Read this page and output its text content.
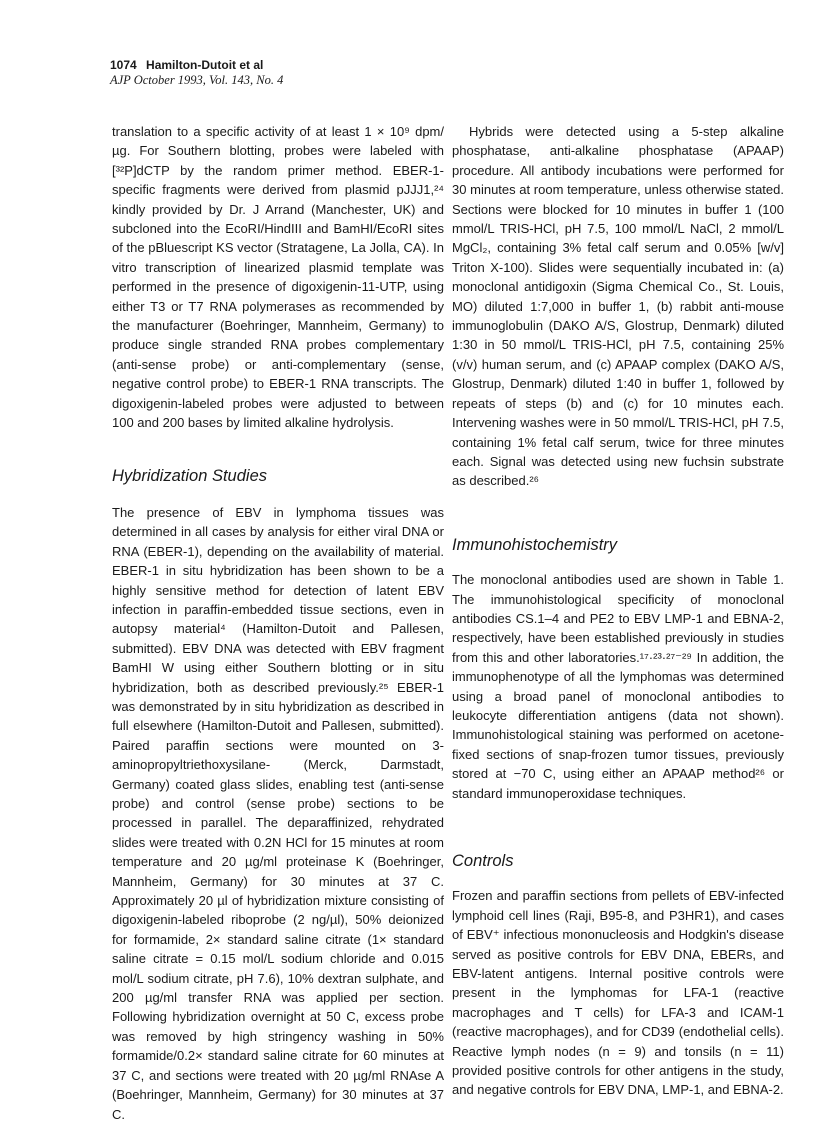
1074 Hamilton-Dutoit et al
AJP October 1993, Vol. 143, No. 4

translation to a specific activity of at least 1 × 10⁹ dpm/µg. For Southern blotting, probes were labeled with [³²P]dCTP by the random primer method. EBER-1-specific fragments were derived from plasmid pJJJ1,²⁴ kindly provided by Dr. J Arrand (Manchester, UK) and subcloned into the EcoRI/HindIII and BamHI/EcoRI sites of the pBluescript KS vector (Stratagene, La Jolla, CA). In vitro transcription of linearized plasmid template was performed in the presence of digoxigenin-11-UTP, using either T3 or T7 RNA polymerases as recommended by the manufacturer (Boehringer, Mannheim, Germany) to produce single stranded RNA probes complementary (anti-sense probe) or anti-complementary (sense, negative control probe) to EBER-1 RNA transcripts. The digoxigenin-labeled probes were adjusted to between 100 and 200 bases by limited alkaline hydrolysis.

Hybridization Studies

The presence of EBV in lymphoma tissues was determined in all cases by analysis for either viral DNA or RNA (EBER-1), depending on the availability of material. EBER-1 in situ hybridization has been shown to be a highly sensitive method for detection of latent EBV infection in paraffin-embedded tissue sections, even in autopsy material⁴ (Hamilton-Dutoit and Pallesen, submitted). EBV DNA was detected with EBV fragment BamHI W using either Southern blotting or in situ hybridization, both as described previously.²⁵ EBER-1 was demonstrated by in situ hybridization as described in full elsewhere (Hamilton-Dutoit and Pallesen, submitted). Paired paraffin sections were mounted on 3-aminopropyltriethoxysilane- (Merck, Darmstadt, Germany) coated glass slides, enabling test (anti-sense probe) and control (sense probe) sections to be processed in parallel. The deparaffinized, rehydrated slides were treated with 0.2N HCl for 15 minutes at room temperature and 20 µg/ml proteinase K (Boehringer, Mannheim, Germany) for 30 minutes at 37 C. Approximately 20 µl of hybridization mixture consisting of digoxigenin-labeled riboprobe (2 ng/µl), 50% deionized for formamide, 2× standard saline citrate (1× standard saline citrate = 0.15 mol/L sodium chloride and 0.015 mol/L sodium citrate, pH 7.6), 10% dextran sulphate, and 200 µg/ml transfer RNA was applied per section. Following hybridization overnight at 50 C, excess probe was removed by high stringency washing in 50% formamide/0.2× standard saline citrate for 60 minutes at 37 C, and sections were treated with 20 µg/ml RNAse A (Boehringer, Mannheim, Germany) for 30 minutes at 37 C.

Hybrids were detected using a 5-step alkaline phosphatase, anti-alkaline phosphatase (APAAP) procedure. All antibody incubations were performed for 30 minutes at room temperature, unless otherwise stated. Sections were blocked for 10 minutes in buffer 1 (100 mmol/L TRIS-HCl, pH 7.5, 100 mmol/L NaCl, 2 mmol/L MgCl₂, containing 3% fetal calf serum and 0.05% [w/v] Triton X-100). Slides were sequentially incubated in: (a) monoclonal antidigoxin (Sigma Chemical Co., St. Louis, MO) diluted 1:7,000 in buffer 1, (b) rabbit anti-mouse immunoglobulin (DAKO A/S, Glostrup, Denmark) diluted 1:30 in 50 mmol/L TRIS-HCl, pH 7.5, containing 25% (v/v) human serum, and (c) APAAP complex (DAKO A/S, Glostrup, Denmark) diluted 1:40 in buffer 1, followed by repeats of steps (b) and (c) for 10 minutes each. Intervening washes were in 50 mmol/L TRIS-HCl, pH 7.5, containing 1% fetal calf serum, twice for three minutes each. Signal was detected using new fuchsin substrate as described.²⁶

Immunohistochemistry

The monoclonal antibodies used are shown in Table 1. The immunohistological specificity of monoclonal antibodies CS.1–4 and PE2 to EBV LMP-1 and EBNA-2, respectively, have been established previously in studies from this and other laboratories.¹⁷·²³·²⁷⁻²⁹ In addition, the immunophenotype of all the lymphomas was determined using a broad panel of monoclonal antibodies to leukocyte differentiation antigens (data not shown). Immunohistological staining was performed on acetone-fixed sections of snap-frozen tumor tissues, previously stored at −70 C, using either an APAAP method²⁶ or standard immunoperoxidase techniques.

Controls

Frozen and paraffin sections from pellets of EBV-infected lymphoid cell lines (Raji, B95-8, and P3HR1), and cases of EBV⁺ infectious mononucleosis and Hodgkin's disease served as positive controls for EBV DNA, EBERs, and EBV-latent antigens. Internal positive controls were present in the lymphomas for LFA-1 (reactive macrophages and T cells) for LFA-3 and ICAM-1 (reactive macrophages), and for CD39 (endothelial cells). Reactive lymph nodes (n = 9) and tonsils (n = 11) provided positive controls for other antigens in the study, and negative controls for EBV DNA, LMP-1, and EBNA-2.
